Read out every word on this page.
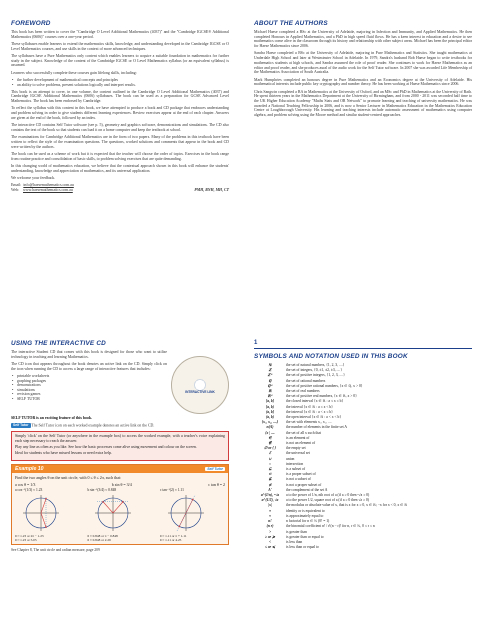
FOREWORD

This book has been written to cover the "Cambridge O Level Additional Mathematics (4037)" and the "Cambridge IGCSE® Additional Mathematics (0606)" courses over a one-year period.

These syllabuses enable learners to extend the mathematics skills, knowledge, and understanding developed in the Cambridge IGCSE or O Level Mathematics courses, and use skills in the context of more advanced techniques.

The syllabuses have a Pure Mathematics only content which enables learners to acquire a suitable foundation in mathematics for further study in the subject. Knowledge of the content of the Cambridge IGCSE or O Level Mathematics syllabus (or an equivalent syllabus) is assumed.

Learners who successfully complete these courses gain lifelong skills, including:

• the further development of mathematical concepts and principles
• an ability to solve problems, present solutions logically and interpret results.

This book is an attempt to cover, in one volume, the content outlined in the Cambridge O Level Additional Mathematics (4037) and Cambridge IGCSE Additional Mathematics (0606) syllabuses. The book can be used as a preparation for GCSE Advanced Level Mathematics. The book has been endorsed by Cambridge.

To reflect the syllabus with this content in this book, we have attempted to produce a book and CD package that embraces understanding and problem solving in order to give students different learning experiences. Review exercises appear at the end of each chapter. Answers are given at the end of the book, followed by an index.

The interactive CD contains Self Tutor software (see p. 5), geometry and graphics software, demonstrations and simulations. The CD also contains the text of the book so that students can load it on a home computer and keep the textbook at school.

The examinations for Cambridge Additional Mathematics are in the form of two papers. Many of the problems in this textbook have been written to reflect the style of the examination questions. The questions, worked solutions and comments that appear in the book and CD were written by the authors.

The book can be used as a scheme of work but it is expected that the teacher will choose the order of topics. Exercises in the book range from routine practice and consolidation of basic skills, to problem solving exercises that are quite demanding.

In this changing world of mathematics education, we believe that the contextual approach shown in this book will enhance the students' understanding, knowledge and appreciation of mathematics, and its universal application.

We welcome your feedback.

Email: info@haesemathematics.com.au
Web: www.haesemathematics.com.au	PMH, RNH, MH, CT
ABOUT THE AUTHORS

Michael Haese completed a BSc at the University of Adelaide, majoring in Infection and Immunity, and Applied Mathematics. He then completed Honours in Applied Mathematics, and a PhD in high speed fluid flows. He has a keen interest in education and a desire to see mathematics come alive in the classroom through its history and relationship with other subject areas. Michael has been the principal editor for Haese Mathematics since 2006.

Sandra Haese completed a BSc at the University of Adelaide, majoring in Pure Mathematics and Statistics. She taught mathematics at Underdale High School and later at Westminster School in Adelaide. In 1979, Sandra's husband Bob Haese began to write textbooks for mathematics students at high schools, and Sandra assumed the role of proof reader. She continues to work for Haese Mathematics as an editor and proof reader, and she produces aural of the audio work for the Self Tutor software. In 2007 she was awarded Life Membership of the Mathematics Association of South Australia.

Mark Humphries completed an honours degree in Pure Mathematics and an Economics degree at the University of Adelaide. His mathematical interests include public key cryptography and number theory. He has been working at Haese Mathematics since 2006.

Chris Sangwin completed a BA in Mathematics at the University of Oxford, and an MSc and PhD in Mathematics at the University of Bath. He spent thirteen years in the Mathematics Department at the University of Birmingham, and from 2000 - 2011 was seconded half time to the UK Higher Education Academy "Maths Stats and OR Network" to promote learning and teaching of university mathematics. He was awarded a National Teaching Fellowship in 2006, and is now a Senior Lecturer in Mathematics Education in the Mathematics Education Centre at Loughborough University. His learning and teaching interests include automatic assessment of mathematics using computer algebra, and problem solving using the Moore method and similar student-centred approaches.

USING THE INTERACTIVE CD

The interactive Student CD that comes with this book is designed for those who want to utilise technology in teaching and learning Mathematics.

The CD icon that appears throughout the book denotes an active link on the CD. Simply click on the icon when running the CD to access a large range of interactive features that includes:

• printable worksheets
• graphing packages
• demonstrations
• simulations
• revision games
• SELF TUTOR
INTERACTIVE LINK
SELF TUTOR is an exciting feature of this book.
Self Tutor The Self Tutor icon on each worked example denotes an active link on the CD.

Simply 'click' on the Self Tutor (or anywhere in the example box) to access the worked example, with a teacher's voice explaining each step necessary to reach the answer.

Play any line as often as you like. See how the basic processes come alive using movement and colour on the screen.

Ideal for students who have missed lessons or need extra help.

Example 10	Self Tutor
Find the two angles θ on the unit circle, with 0 ≤ θ ≤ 2π, such that:
a cos θ = 1/3	b sin θ = 3/4	c tan θ = 2
a cos⁻¹(1/3) ≈ 1.23
θ ≈ 1.23 or 2π − 1.23
θ ≈ 1.23 or 5.05
b sin⁻¹(3/4) ≈ 0.848
θ ≈ 0.848 or π − 0.848
θ ≈ 0.848 or 2.29
c tan⁻¹(2) ≈ 1.11
θ ≈ 1.11 or π + 1.11
θ ≈ 1.11 or 4.25
See Chapter 8, The unit circle and radian measure, page 209
1
SYMBOLS AND NOTATION USED IN THIS BOOK
ℕ	the set of natural numbers, {1, 2, 3, ....}
ℤ	the set of integers, {0, ±1, ±2, ±3, ....}
ℤ⁺	the set of positive integers, {1, 2, 3, ....}
ℚ	the set of rational numbers
ℚ⁺	the set of positive rational numbers, {x ∈ ℚ, x > 0}
ℝ	the set of real numbers
ℝ⁺	the set of positive real numbers, {x ∈ ℝ, x > 0}
[a, b]	the closed interval {x ∈ ℝ : a ≤ x ≤ b}
[a, b)	the interval {x ∈ ℝ : a ≤ x < b}
(a, b]	the interval {x ∈ ℝ : a < x ≤ b}
(a, b)	the open interval {x ∈ ℝ : a < x < b}
{x₁, x₂, ....}	the set with elements x₁, x₂, ....
n(A)	the number of elements in the finite set A
{x | ....	the set of all x such that
∈	is an element of
∉	is not an element of
∅ or { }	the empty set
ℰ	the universal set
∪	union
∩	intersection
⊆	is a subset of
⊂	is a proper subset of
⊈	is not a subset of
⊄	is not a proper subset of
A′	the complement of the set A
a^(1/n), ⁿ√a	a to the power of 1/n, nth root of a (if a ≥ 0 then ⁿ√a ≥ 0)
a^(1/2), √a	a to the power 1/2, square root of a (if a ≥ 0 then √a ≥ 0)
|x|	the modulus or absolute value of x, that is x for x ≥ 0, x ∈ ℝ; −x for x < 0, x ∈ ℝ
≡	identity or is equivalent to
≈	is approximately equal to
n!	n factorial for n ∈ ℕ (0! = 1)
(n r)	the binomial coefficient n! / r!(n − r)! for n, r ∈ ℕ, 0 ≤ r ≤ n
>	is greater than
≥ or ≽	is greater than or equal to
<	is less than
≤ or ≼	is less than or equal to
